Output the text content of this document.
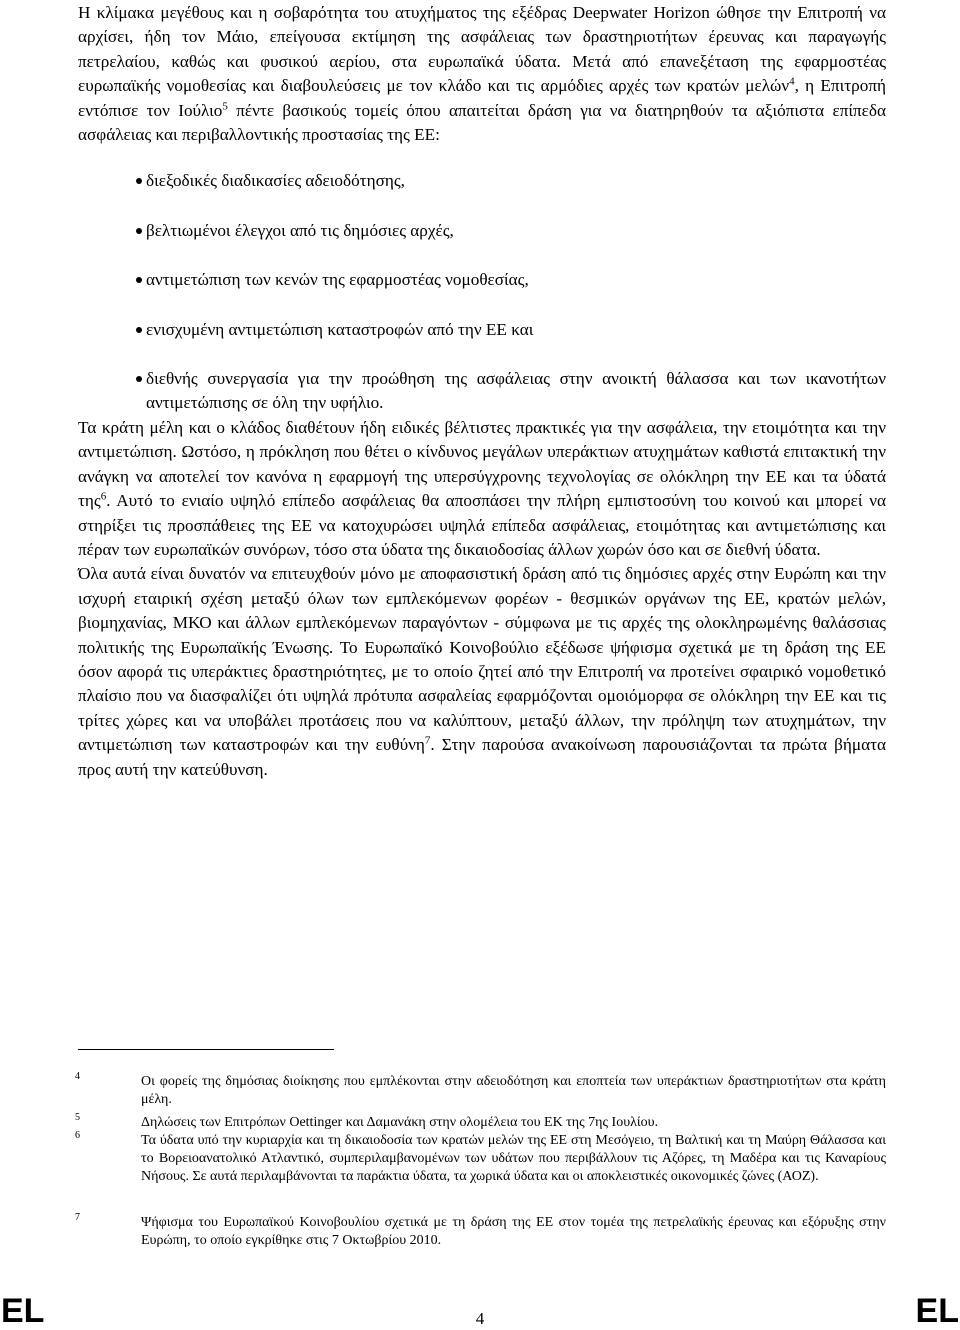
Η κλίμακα μεγέθους και η σοβαρότητα του ατυχήματος της εξέδρας Deepwater Horizon ώθησε την Επιτροπή να αρχίσει, ήδη τον Μάιο, επείγουσα εκτίμηση της ασφάλειας των δραστηριοτήτων έρευνας και παραγωγής πετρελαίου, καθώς και φυσικού αερίου, στα ευρωπαϊκά ύδατα. Μετά από επανεξέταση της εφαρμοστέας ευρωπαϊκής νομοθεσίας και διαβουλεύσεις με τον κλάδο και τις αρμόδιες αρχές των κρατών μελών$^4$, η Επιτροπή εντόπισε τον Ιούλιο$^5$ πέντε βασικούς τομείς όπου απαιτείται δράση για να διατηρηθούν τα αξιόπιστα επίπεδα ασφάλειας και περιβαλλοντικής προστασίας της ΕΕ:

διεξοδικές διαδικασίες αδειοδότησης,
βελτιωμένοι έλεγχοι από τις δημόσιες αρχές,
αντιμετώπιση των κενών της εφαρμοστέας νομοθεσίας,
ενισχυμένη αντιμετώπιση καταστροφών από την ΕΕ και
διεθνής συνεργασία για την προώθηση της ασφάλειας στην ανοικτή θάλασσα και των ικανοτήτων αντιμετώπισης σε όλη την υφήλιο.

Τα κράτη μέλη και ο κλάδος διαθέτουν ήδη ειδικές βέλτιστες πρακτικές για την ασφάλεια, την ετοιμότητα και την αντιμετώπιση. Ωστόσο, η πρόκληση που θέτει ο κίνδυνος μεγάλων υπεράκτιων ατυχημάτων καθιστά επιτακτική την ανάγκη να αποτελεί τον κανόνα η εφαρμογή της υπερσύγχρονης τεχνολογίας σε ολόκληρη την ΕΕ και τα ύδατά της$^6$. Αυτό το ενιαίο υψηλό επίπεδο ασφάλειας θα αποσπάσει την πλήρη εμπιστοσύνη του κοινού και μπορεί να στηρίξει τις προσπάθειες της ΕΕ να κατοχυρώσει υψηλά επίπεδα ασφάλειας, ετοιμότητας και αντιμετώπισης και πέραν των ευρωπαϊκών συνόρων, τόσο στα ύδατα της δικαιοδοσίας άλλων χωρών όσο και σε διεθνή ύδατα.

Όλα αυτά είναι δυνατόν να επιτευχθούν μόνο με αποφασιστική δράση από τις δημόσιες αρχές στην Ευρώπη και την ισχυρή εταιρική σχέση μεταξύ όλων των εμπλεκόμενων φορέων - θεσμικών οργάνων της ΕΕ, κρατών μελών, βιομηχανίας, ΜΚΟ και άλλων εμπλεκόμενων παραγόντων - σύμφωνα με τις αρχές της ολοκληρωμένης θαλάσσιας πολιτικής της Ευρωπαϊκής Ένωσης. Το Ευρωπαϊκό Κοινοβούλιο εξέδωσε ψήφισμα σχετικά με τη δράση της ΕΕ όσον αφορά τις υπεράκτιες δραστηριότητες, με το οποίο ζητεί από την Επιτροπή να προτείνει σφαιρικό νομοθετικό πλαίσιο που να διασφαλίζει ότι υψηλά πρότυπα ασφαλείας εφαρμόζονται ομοιόμορφα σε ολόκληρη την ΕΕ και τις τρίτες χώρες και να υποβάλει προτάσεις που να καλύπτουν, μεταξύ άλλων, την πρόληψη των ατυχημάτων, την αντιμετώπιση των καταστροφών και την ευθύνη$^7$. Στην παρούσα ανακοίνωση παρουσιάζονται τα πρώτα βήματα προς αυτή την κατεύθυνση.

4	Οι φορείς της δημόσιας διοίκησης που εμπλέκονται στην αδειοδότηση και εποπτεία των υπεράκτιων δραστηριοτήτων στα κράτη μέλη.
5	Δηλώσεις των Επιτρόπων Oettinger και Δαμανάκη στην ολομέλεια του ΕΚ της 7ης Ιουλίου.
6	Τα ύδατα υπό την κυριαρχία και τη δικαιοδοσία των κρατών μελών της ΕΕ στη Μεσόγειο, τη Βαλτική και τη Μαύρη Θάλασσα και το Βορειοανατολικό Ατλαντικό, συμπεριλαμβανομένων των υδάτων που περιβάλλουν τις Αζόρες, τη Μαδέρα και τις Καναρίους Νήσους. Σε αυτά περιλαμβάνονται τα παράκτια ύδατα, τα χωρικά ύδατα και οι αποκλειστικές οικονομικές ζώνες (ΑΟΖ).
7	Ψήφισμα του Ευρωπαϊκού Κοινοβουλίου σχετικά με τη δράση της ΕΕ στον τομέα της πετρελαϊκής έρευνας και εξόρυξης στην Ευρώπη, το οποίο εγκρίθηκε στις 7 Οκτωβρίου 2010.
EL	4	EL
